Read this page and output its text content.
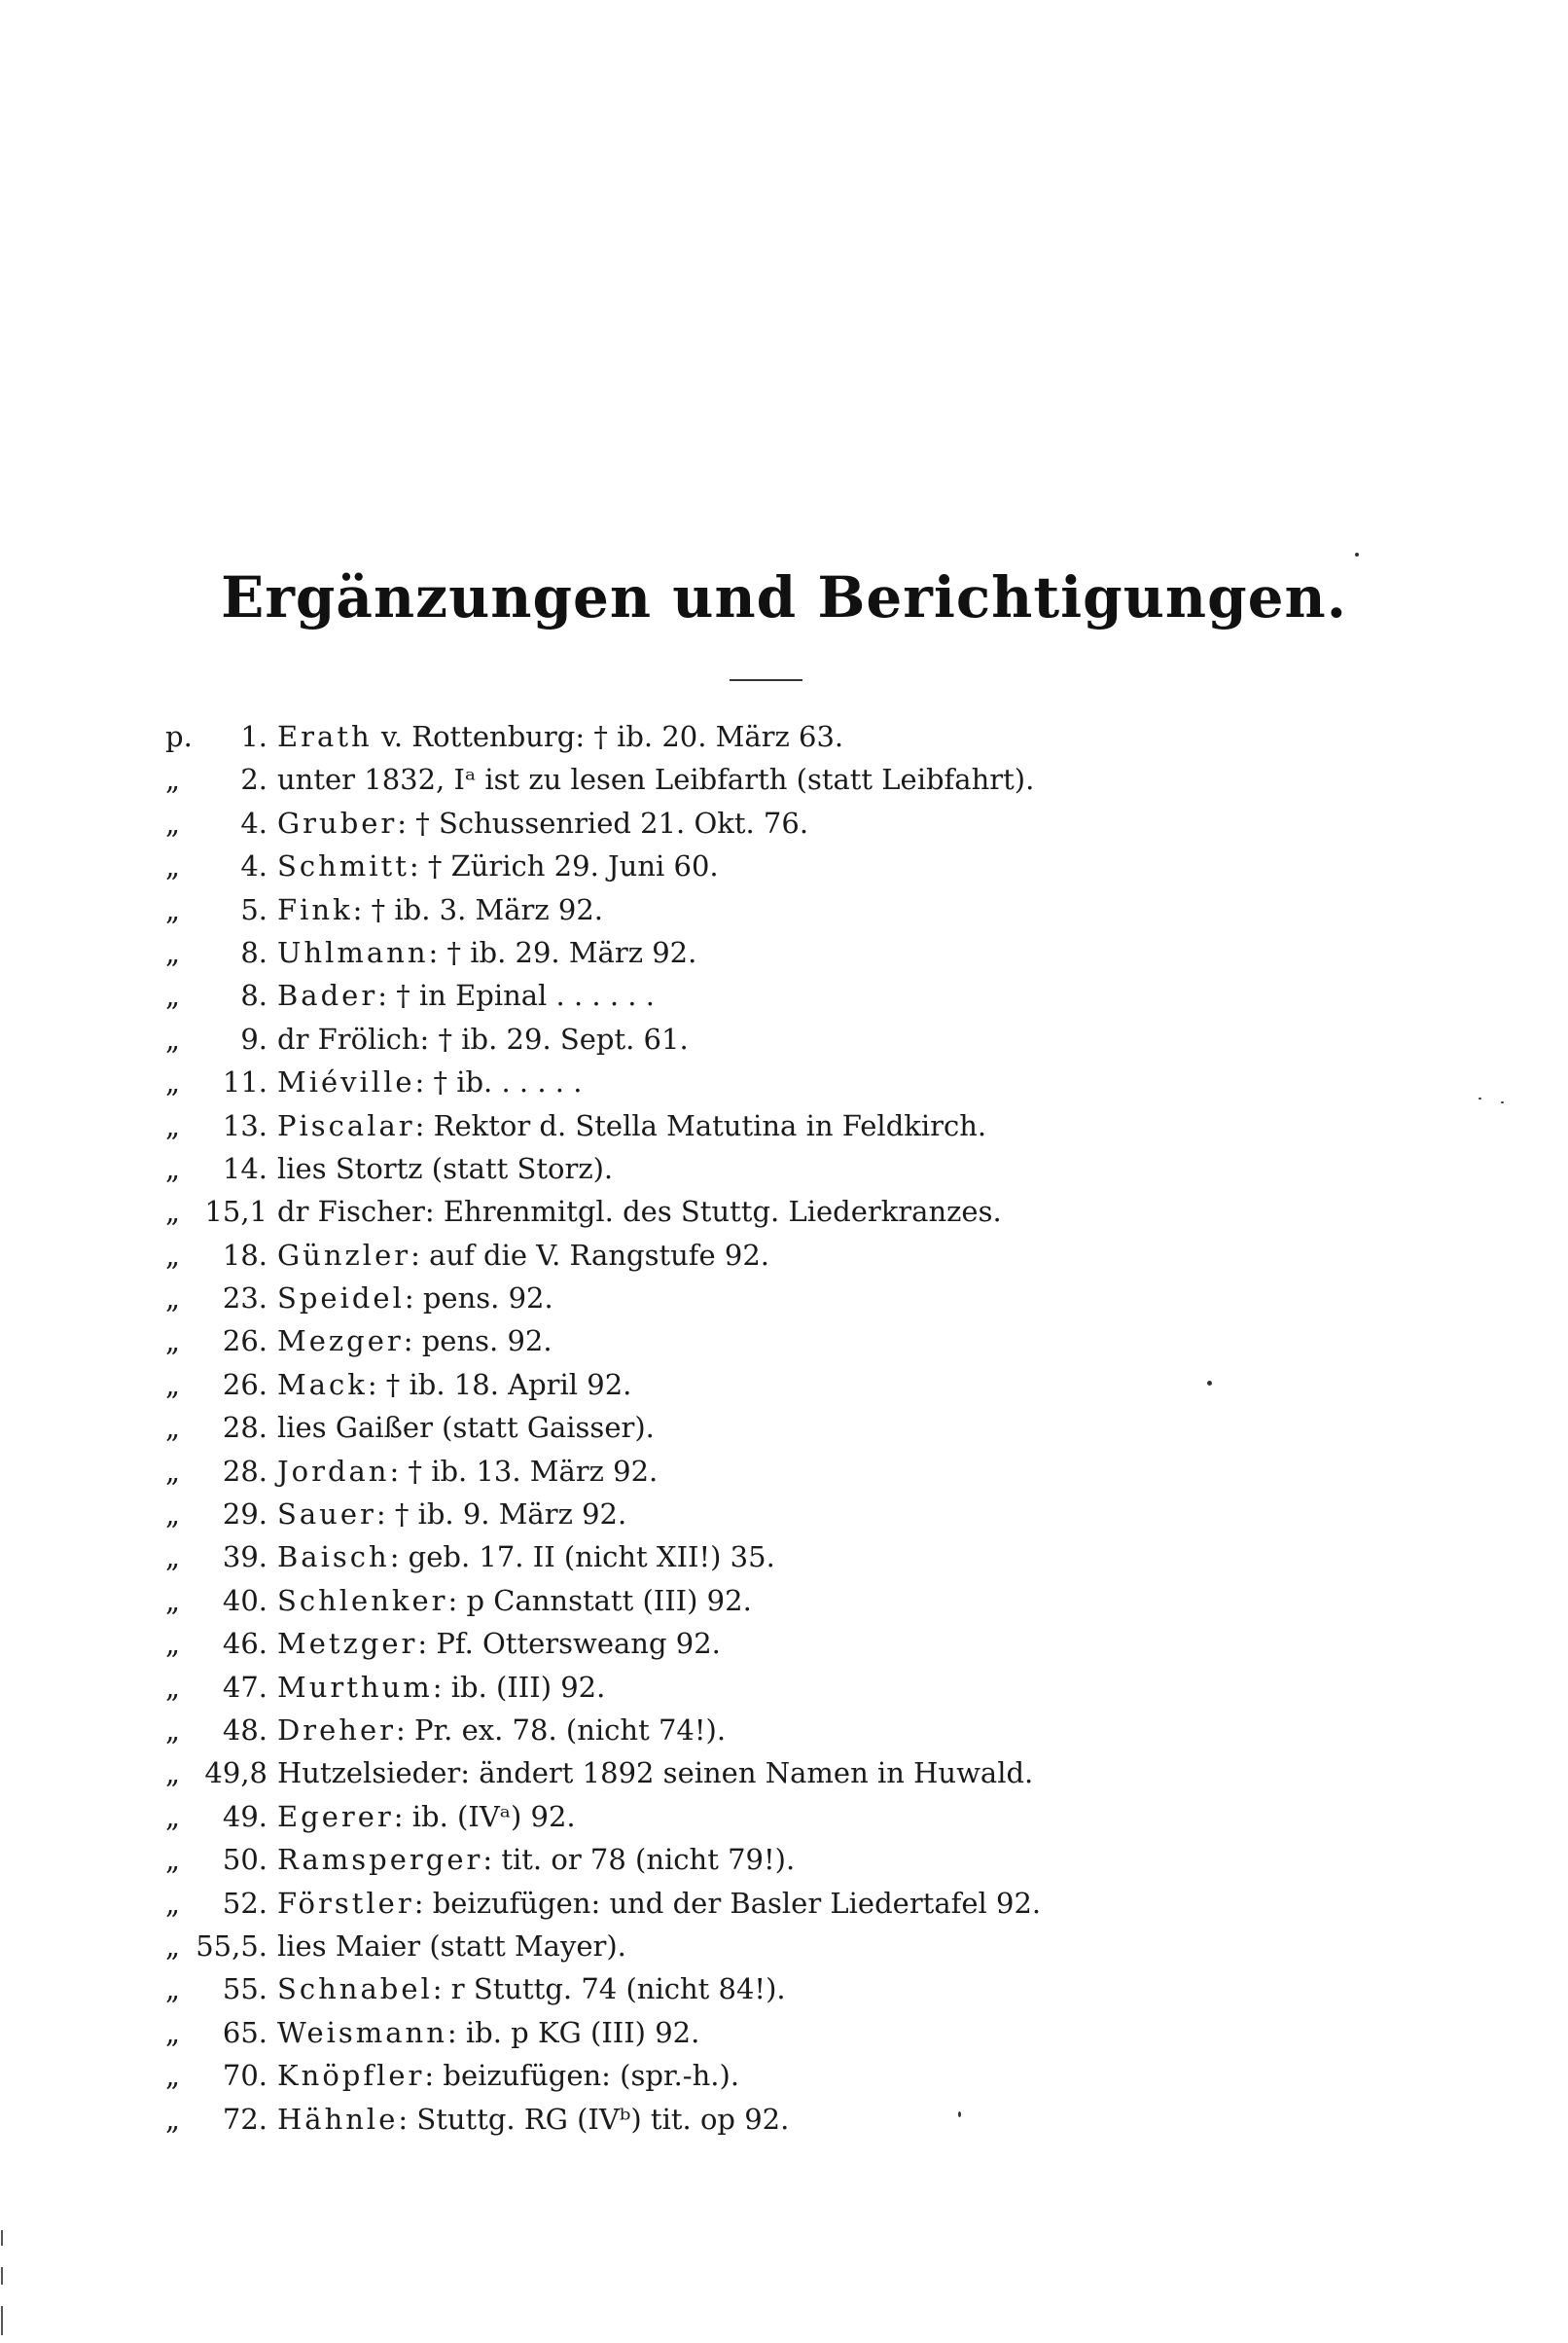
Ergänzungen und Berichtigungen.
p.	1. Erath v. Rottenburg: † ib. 20. März 63.
„	2. unter 1832, Iᵃ ist zu lesen Leibfarth (statt Leibfahrt).
„	4. Gruber: † Schussenried 21. Okt. 76.
„	4. Schmitt: † Zürich 29. Juni 60.
„	5. Fink: † ib. 3. März 92.
„	8. Uhlmann: † ib. 29. März 92.
„	8. Bader: † in Epinal . . . . . .
„	9. dr Frölich: † ib. 29. Sept. 61.
„	11. Miéville: † ib. . . . . .
„	13. Piscalar: Rektor d. Stella Matutina in Feldkirch.
„	14. lies Stortz (statt Storz).
„ 15,1 dr Fischer: Ehrenmitgl. des Stuttg. Liederkranzes.
„	18. Günzler: auf die V. Rangstufe 92.
„	23. Speidel: pens. 92.
„	26. Mezger: pens. 92.
„	26. Mack: † ib. 18. April 92.
„	28. lies Gaißer (statt Gaisser).
„	28. Jordan: † ib. 13. März 92.
„	29. Sauer: † ib. 9. März 92.
„	39. Baisch: geb. 17. II (nicht XII!) 35.
„	40. Schlenker: p Cannstatt (III) 92.
„	46. Metzger: Pf. Ottersweang 92.
„	47. Murthum: ib. (III) 92.
„	48. Dreher: Pr. ex. 78. (nicht 74!).
„ 49,8 Hutzelsieder: ändert 1892 seinen Namen in Huwald.
„	49. Egerer: ib. (IVᵃ) 92.
„	50. Ramsperger: tit. or 78 (nicht 79!).
„	52. Förstler: beizufügen: und der Basler Liedertafel 92.
„ 55,5. lies Maier (statt Mayer).
„	55. Schnabel: r Stuttg. 74 (nicht 84!).
„	65. Weismann: ib. p KG (III) 92.
„	70. Knöpfler: beizufügen: (spr.-h.).
„	72. Hähnle: Stuttg. RG (IVᵇ) tit. op 92.
